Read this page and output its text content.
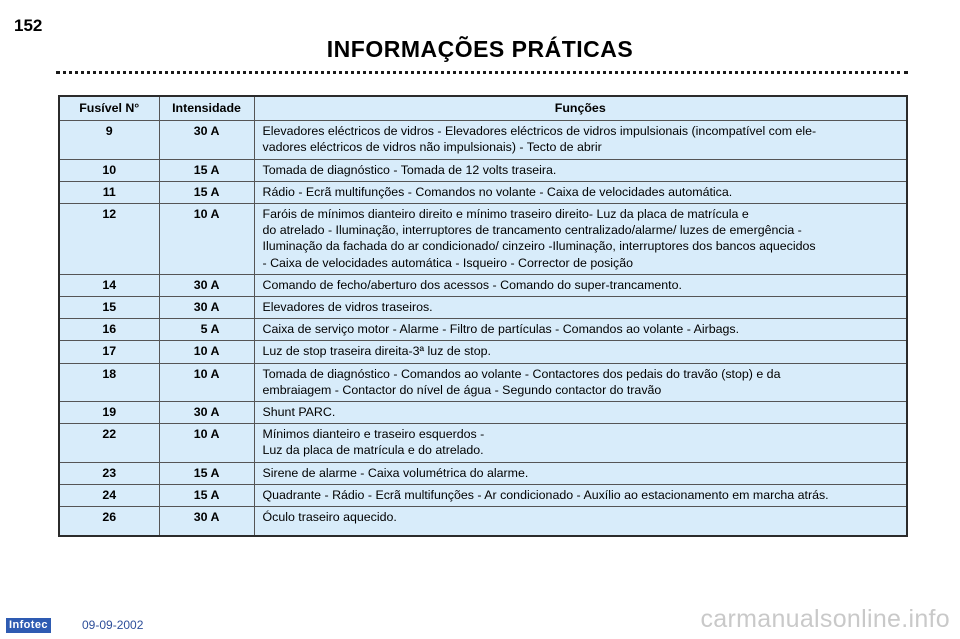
152
INFORMAÇÕES PRÁTICAS
Fusível N°	Intensidade	Funções
9	30 A	Elevadores eléctricos de vidros - Elevadores eléctricos de vidros impulsionais (incompatível com ele-
vadores eléctricos de vidros não impulsionais) - Tecto de abrir

10	15 A	Tomada de diagnóstico - Tomada de 12 volts traseira.

11	15 A	Rádio - Ecrã multifunções - Comandos no volante - Caixa de velocidades automática.

12	10 A	Faróis de mínimos dianteiro direito e mínimo traseiro direito- Luz da placa de matrícula e
do atrelado - Iluminação, interruptores de trancamento centralizado/alarme/ luzes de emergência -
Iluminação da fachada do ar condicionado/ cinzeiro -Iluminação, interruptores dos bancos aquecidos
- Caixa de velocidades automática - Isqueiro - Corrector de posição

14	30 A	Comando de fecho/aberturo dos acessos - Comando do super-trancamento.

15	30 A	Elevadores de vidros traseiros.

16	5 A	Caixa de serviço motor - Alarme - Filtro de partículas - Comandos ao volante - Airbags.

17	10 A	Luz de stop traseira direita-3ª luz de stop.

18	10 A	Tomada de diagnóstico - Comandos ao volante - Contactores dos pedais do travão (stop) e da
embraiagem - Contactor do nível de água - Segundo contactor do travão

19	30 A	Shunt PARC.

22	10 A	Mínimos dianteiro e traseiro esquerdos -
Luz da placa de matrícula e do atrelado.

23	15 A	Sirene de alarme - Caixa volumétrica do alarme.

24	15 A	Quadrante - Rádio - Ecrã multifunções - Ar condicionado - Auxílio ao estacionamento em marcha atrás.

26	30 A	Óculo traseiro aquecido.
Infotec	09-09-2002	carmanualsonline.info
